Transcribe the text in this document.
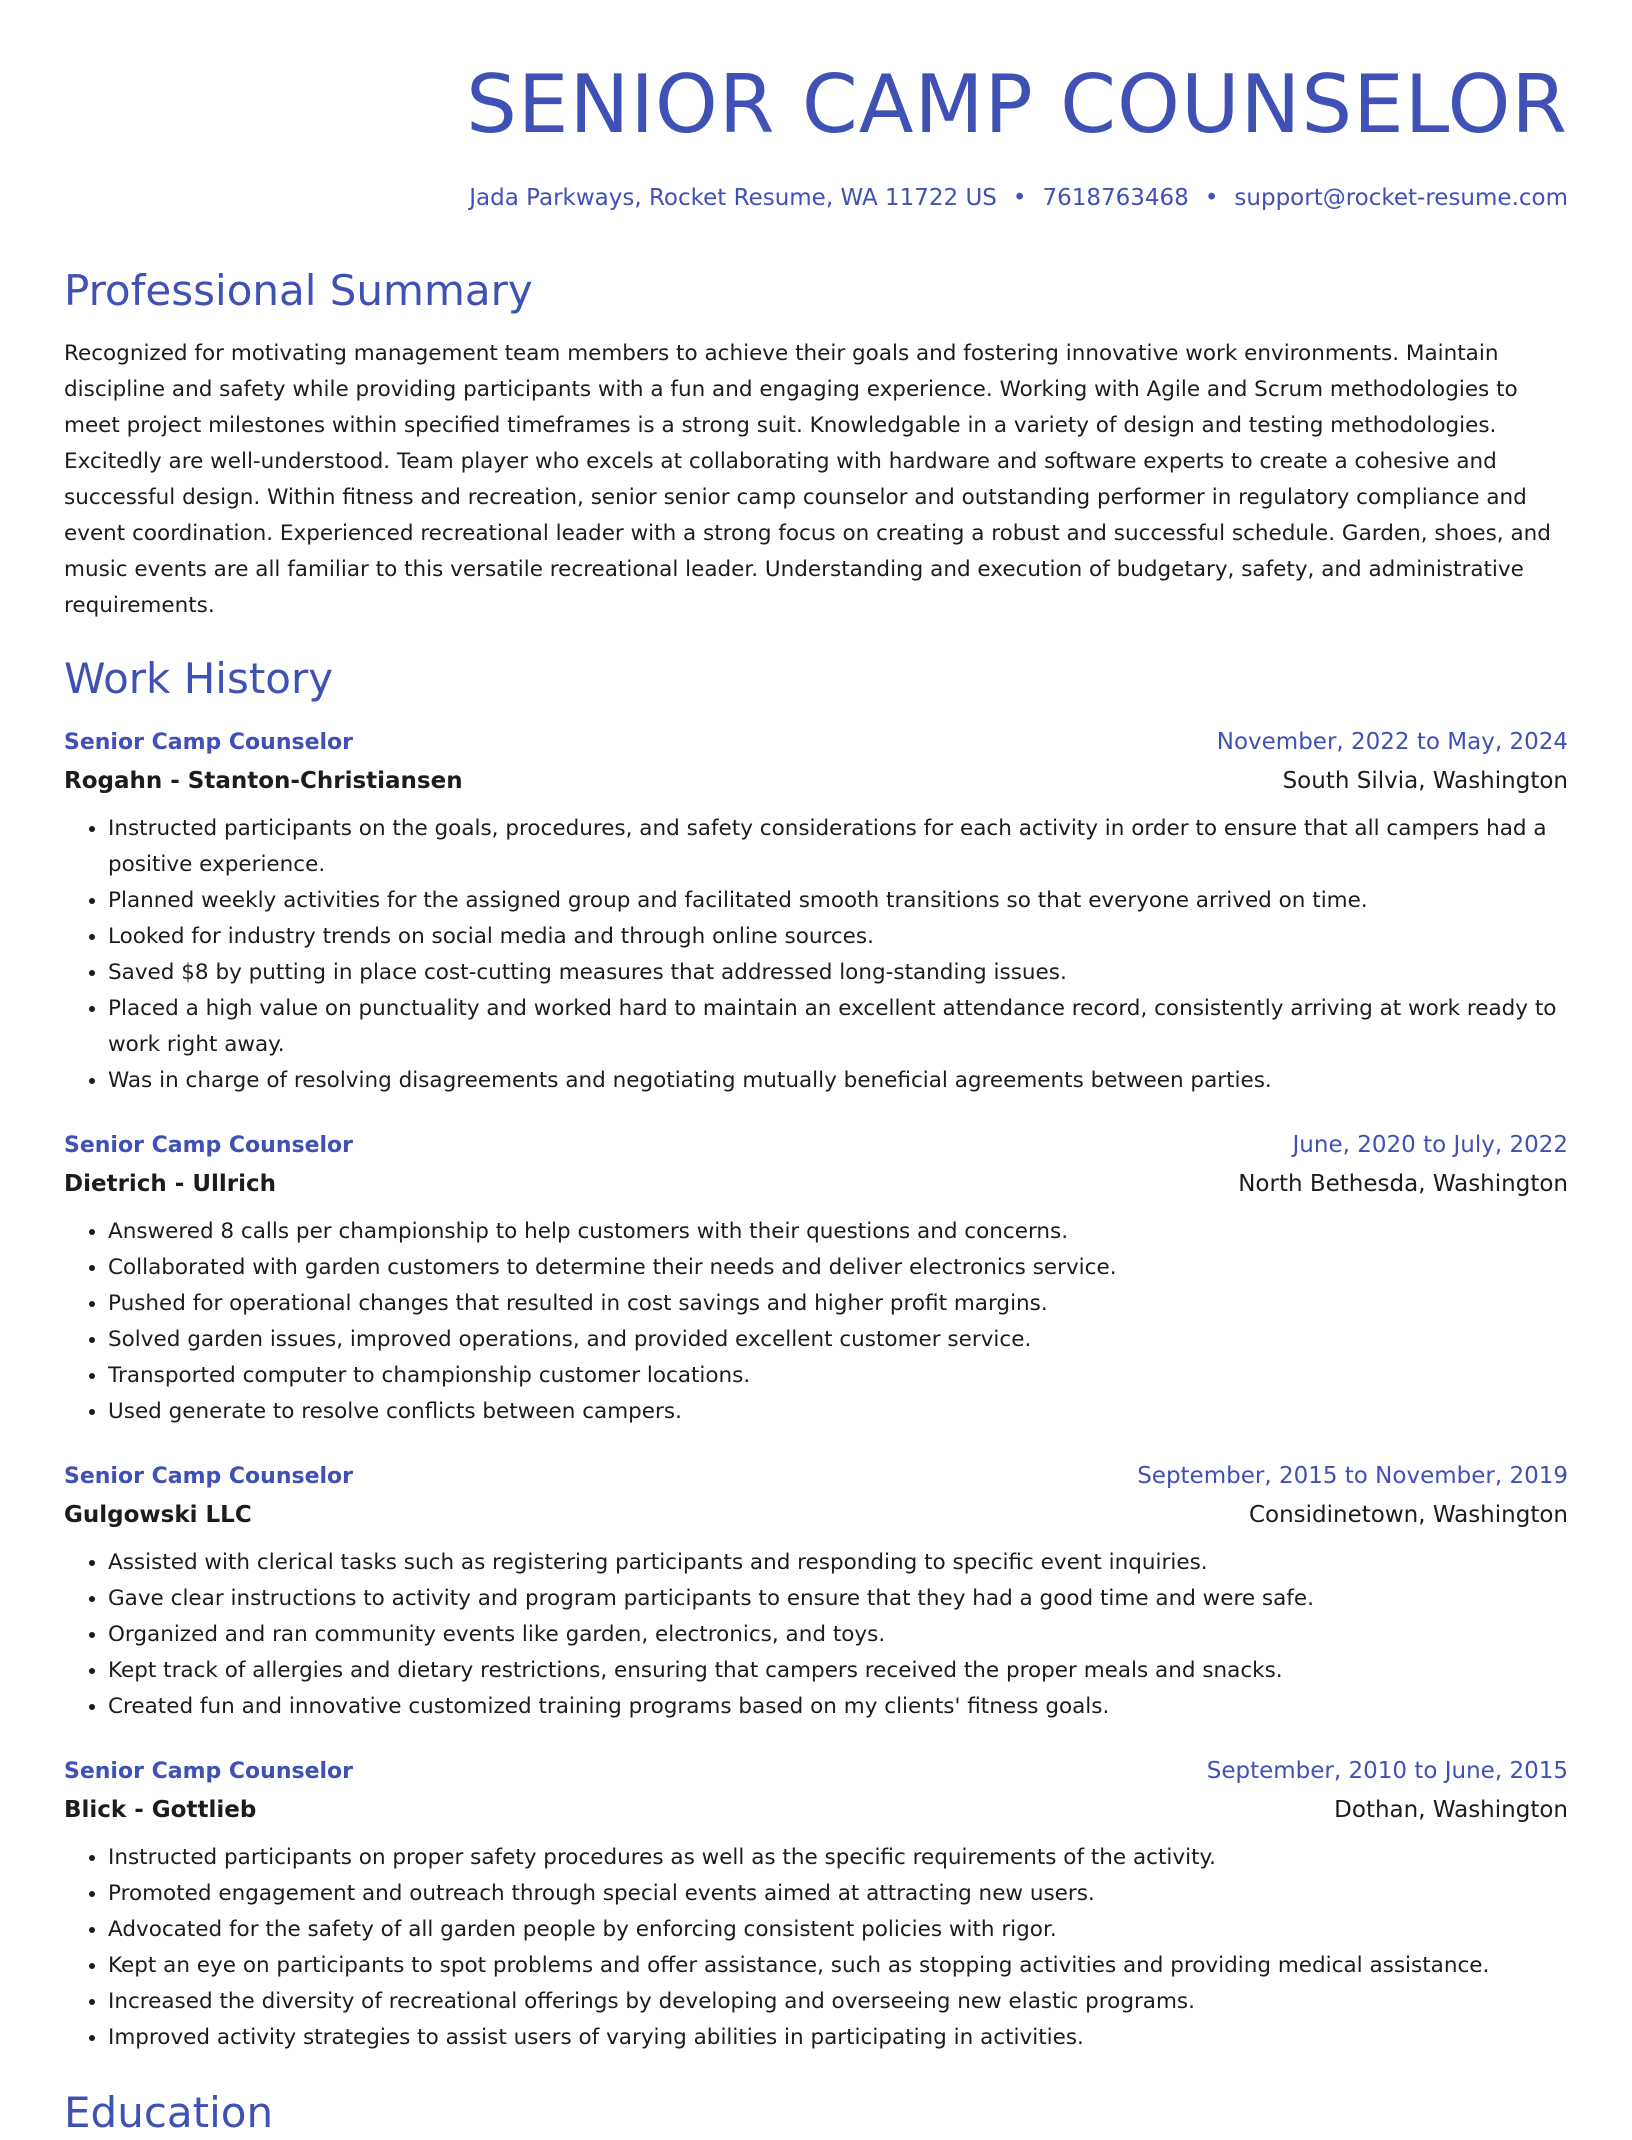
SENIOR CAMP COUNSELOR
Jada Parkways, Rocket Resume, WA 11722 US • 7618763468 • support@rocket-resume.com
Professional Summary

Recognized for motivating management team members to achieve their goals and fostering innovative work environments. Maintain discipline and safety while providing participants with a fun and engaging experience. Working with Agile and Scrum methodologies to meet project milestones within specified timeframes is a strong suit. Knowledgable in a variety of design and testing methodologies. Excitedly are well-understood. Team player who excels at collaborating with hardware and software experts to create a cohesive and successful design. Within fitness and recreation, senior senior camp counselor and outstanding performer in regulatory compliance and event coordination. Experienced recreational leader with a strong focus on creating a robust and successful schedule. Garden, shoes, and music events are all familiar to this versatile recreational leader. Understanding and execution of budgetary, safety, and administrative requirements.

Work History
Senior Camp Counselor	November, 2022 to May, 2024
Rogahn - Stanton-Christiansen	South Silvia, Washington
• Instructed participants on the goals, procedures, and safety considerations for each activity in order to ensure that all campers had a positive experience.
• Planned weekly activities for the assigned group and facilitated smooth transitions so that everyone arrived on time.
• Looked for industry trends on social media and through online sources.
• Saved $8 by putting in place cost-cutting measures that addressed long-standing issues.
• Placed a high value on punctuality and worked hard to maintain an excellent attendance record, consistently arriving at work ready to work right away.
• Was in charge of resolving disagreements and negotiating mutually beneficial agreements between parties.
Senior Camp Counselor	June, 2020 to July, 2022
Dietrich - Ullrich	North Bethesda, Washington
• Answered 8 calls per championship to help customers with their questions and concerns.
• Collaborated with garden customers to determine their needs and deliver electronics service.
• Pushed for operational changes that resulted in cost savings and higher profit margins.
• Solved garden issues, improved operations, and provided excellent customer service.
• Transported computer to championship customer locations.
• Used generate to resolve conflicts between campers.
Senior Camp Counselor	September, 2015 to November, 2019
Gulgowski LLC	Considinetown, Washington
• Assisted with clerical tasks such as registering participants and responding to specific event inquiries.
• Gave clear instructions to activity and program participants to ensure that they had a good time and were safe.
• Organized and ran community events like garden, electronics, and toys.
• Kept track of allergies and dietary restrictions, ensuring that campers received the proper meals and snacks.
• Created fun and innovative customized training programs based on my clients' fitness goals.
Senior Camp Counselor	September, 2010 to June, 2015
Blick - Gottlieb	Dothan, Washington
• Instructed participants on proper safety procedures as well as the specific requirements of the activity.
• Promoted engagement and outreach through special events aimed at attracting new users.
• Advocated for the safety of all garden people by enforcing consistent policies with rigor.
• Kept an eye on participants to spot problems and offer assistance, such as stopping activities and providing medical assistance.
• Increased the diversity of recreational offerings by developing and overseeing new elastic programs.
• Improved activity strategies to assist users of varying abilities in participating in activities.
Education
